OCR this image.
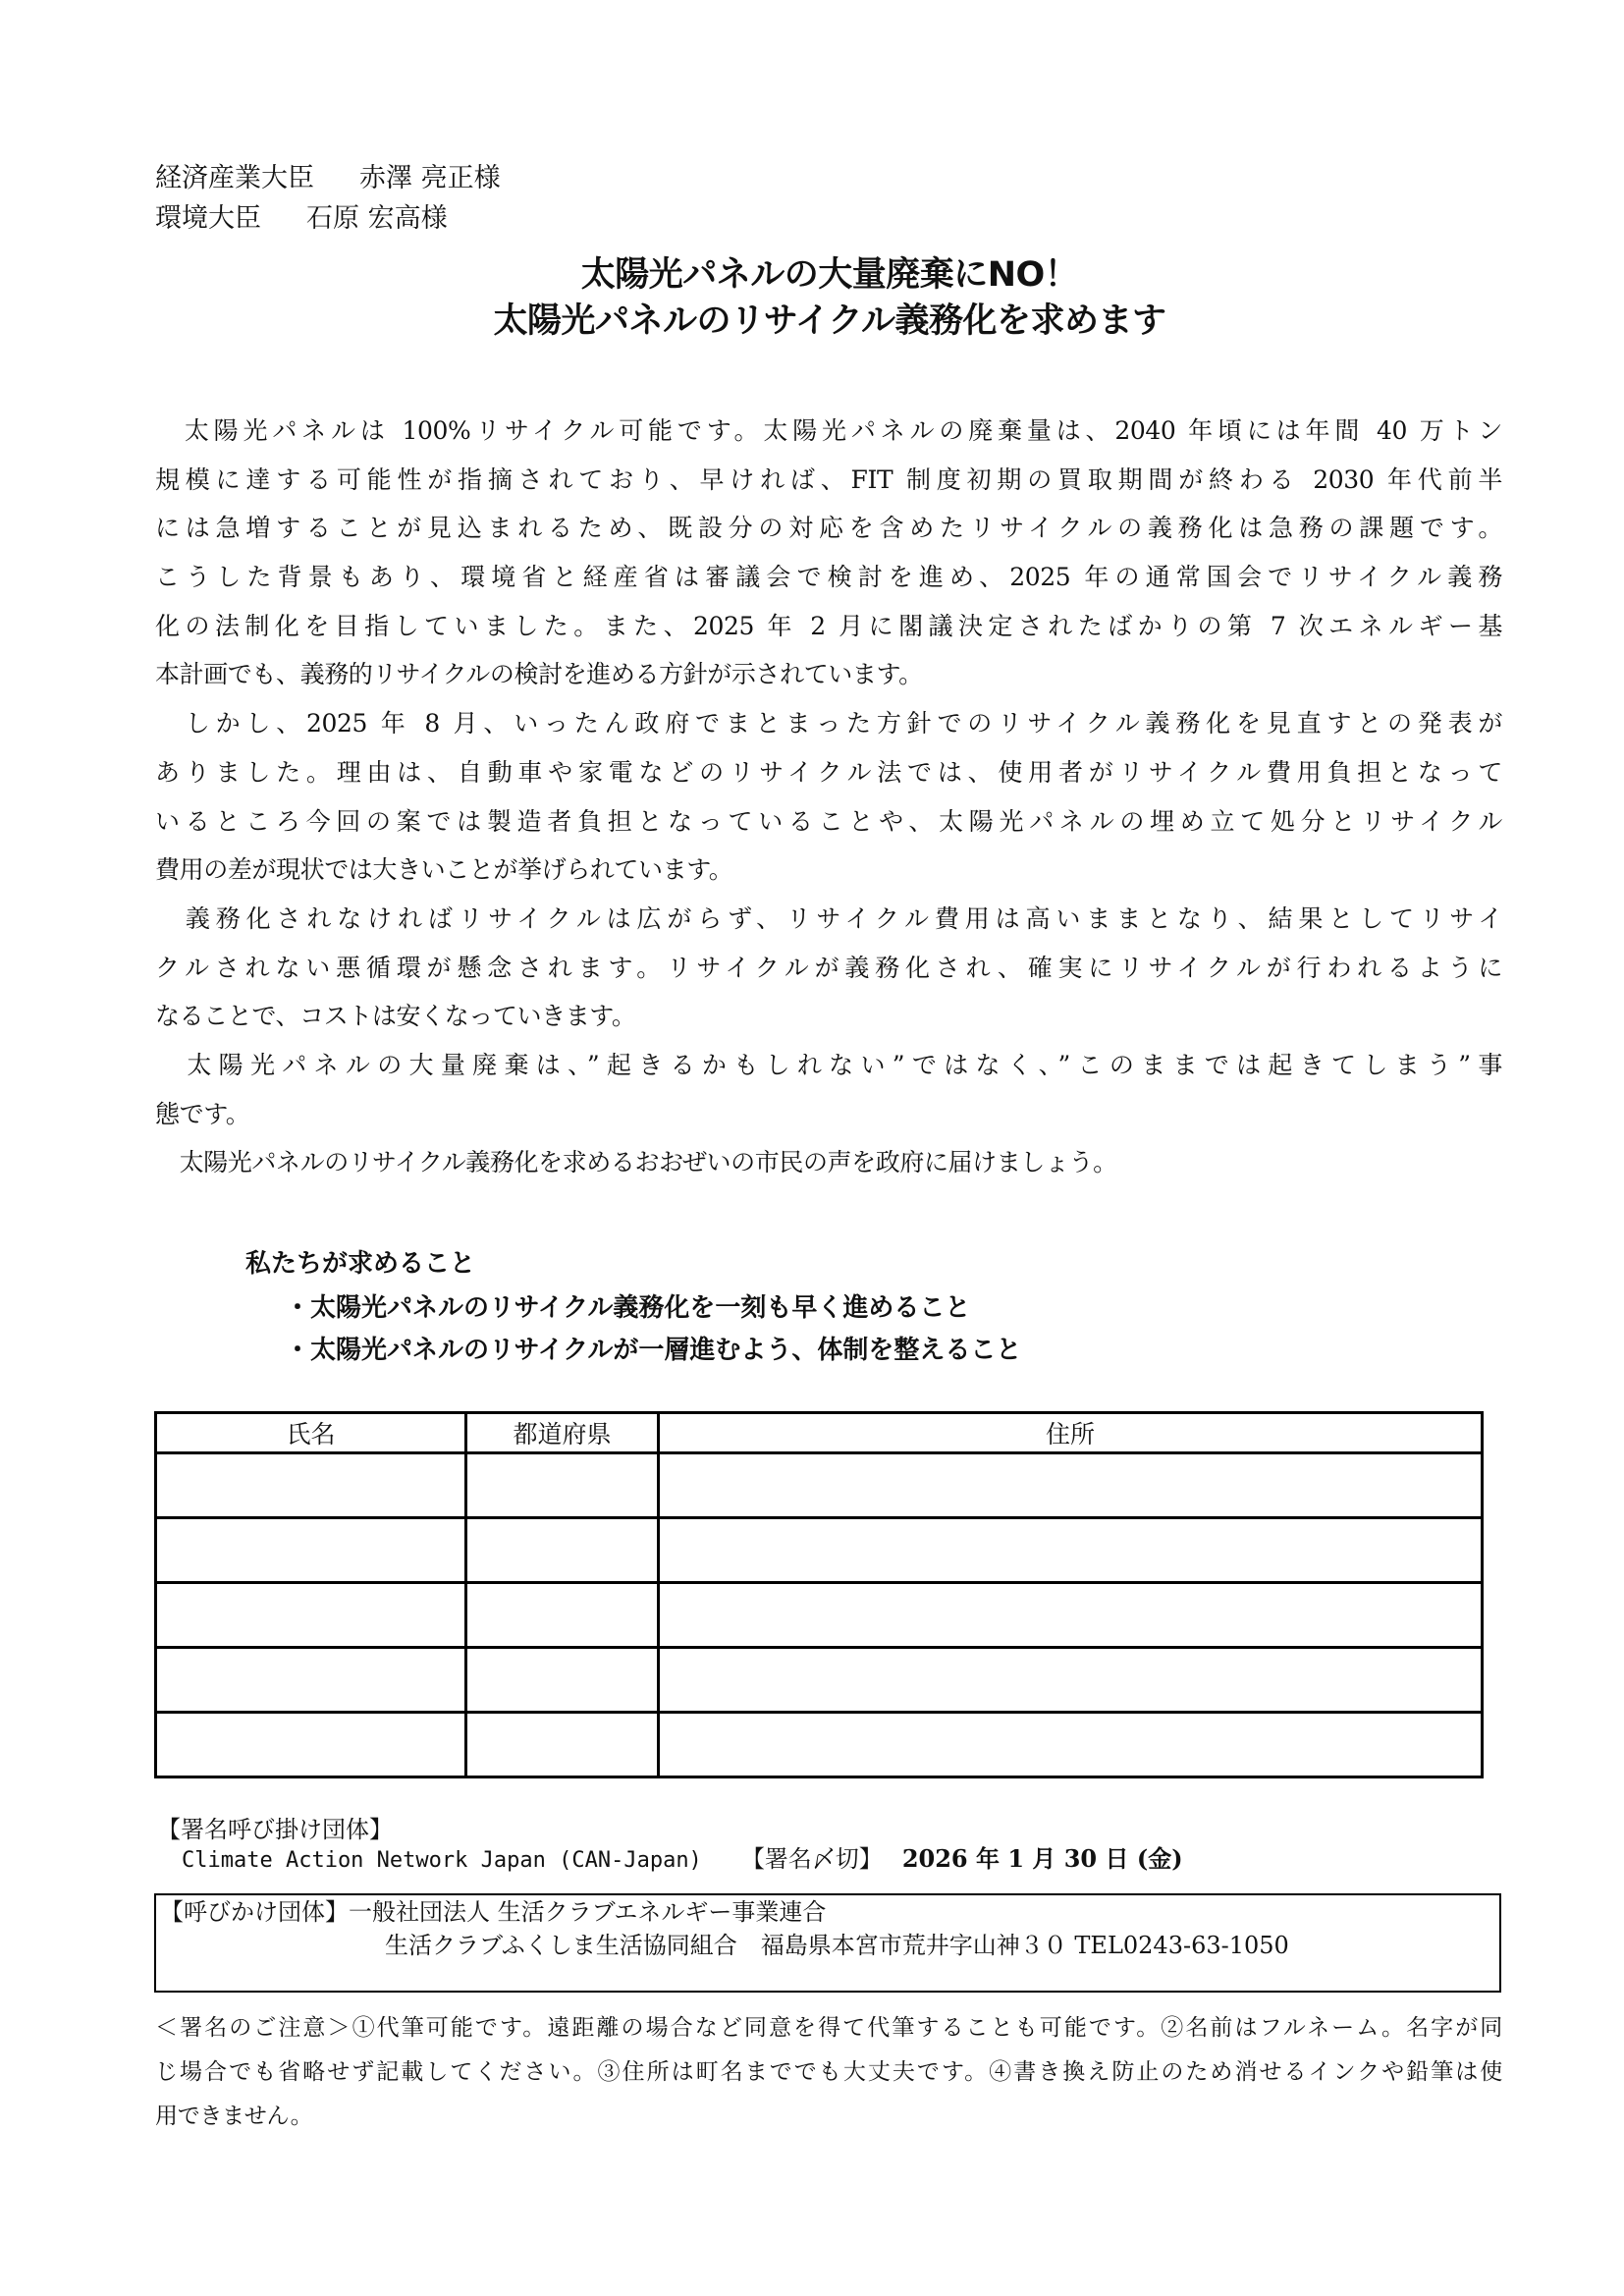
経済産業大臣 赤澤 亮正様
環境大臣 石原 宏高様
太陽光パネルの大量廃棄にNO！
太陽光パネルのリサイクル義務化を求めます
　太陽光パネルは 100%リサイクル可能です。太陽光パネルの廃棄量は、2040 年頃には年間 40 万トン
規模に達する可能性が指摘されており、早ければ、FIT 制度初期の買取期間が終わる 2030 年代前半
には急増することが見込まれるため、既設分の対応を含めたリサイクルの義務化は急務の課題です。
こうした背景もあり、環境省と経産省は審議会で検討を進め、2025 年の通常国会でリサイクル義務
化の法制化を目指していました。また、2025 年 2 月に閣議決定されたばかりの第 7 次エネルギー基
本計画でも、義務的リサイクルの検討を進める方針が示されています。
　しかし、2025 年 8 月、いったん政府でまとまった方針でのリサイクル義務化を見直すとの発表が
ありました。理由は、自動車や家電などのリサイクル法では、使用者がリサイクル費用負担となって
いるところ今回の案では製造者負担となっていることや、太陽光パネルの埋め立て処分とリサイクル
費用の差が現状では大きいことが挙げられています。
　義務化されなければリサイクルは広がらず、リサイクル費用は高いままとなり、結果としてリサイ
クルされない悪循環が懸念されます。リサイクルが義務化され、確実にリサイクルが行われるように
なることで、コストは安くなっていきます。
　太陽光パネルの大量廃棄は、”起きるかもしれない”ではなく、”このままでは起きてしまう”事
態です。
　太陽光パネルのリサイクル義務化を求めるおおぜいの市民の声を政府に届けましょう。
私たちが求めること
・太陽光パネルのリサイクル義務化を一刻も早く進めること
・太陽光パネルのリサイクルが一層進むよう、体制を整えること
氏名	都道府県	住所

【署名呼び掛け団体】
Climate Action Network Japan (CAN-Japan) 【署名〆切】 2026 年 1 月 30 日 (金)
【呼びかけ団体】一般社団法人 生活クラブエネルギー事業連合
生活クラブふくしま生活協同組合　福島県本宮市荒井字山神３０ TEL0243-63-1050
＜署名のご注意＞①代筆可能です。遠距離の場合など同意を得て代筆することも可能です。②名前はフルネーム。名字が同
じ場合でも省略せず記載してください。③住所は町名まででも大丈夫です。④書き換え防止のため消せるインクや鉛筆は使
用できません。
